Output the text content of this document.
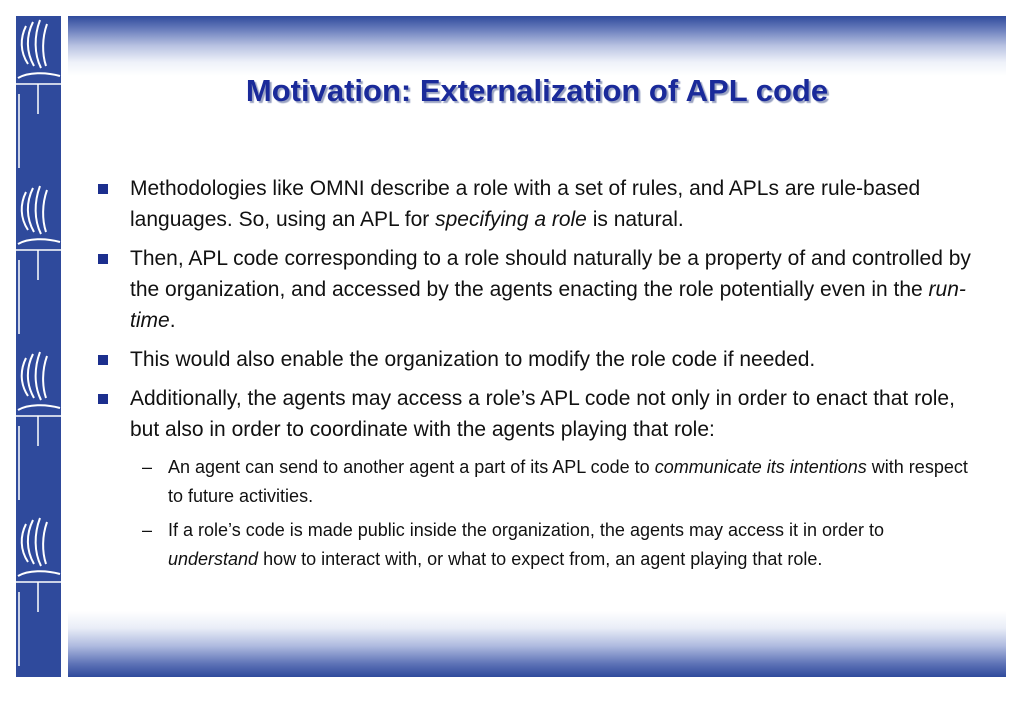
Motivation: Externalization of APL code
Methodologies like OMNI describe a role with a set of rules, and APLs are rule-based languages. So, using an APL for specifying a role is natural.
Then, APL code corresponding to a role should naturally be a property of and controlled by the organization, and accessed by the agents enacting the role potentially even in the run-time.
This would also enable the organization to modify the role code if needed.
Additionally, the agents may access a role’s APL code not only in order to enact that role, but also in order to coordinate with the agents playing that role:
– An agent can send to another agent a part of its APL code to communicate its intentions with respect to future activities.
– If a role’s code is made public inside the organization, the agents may access it in order to understand how to interact with, or what to expect from, an agent playing that role.
